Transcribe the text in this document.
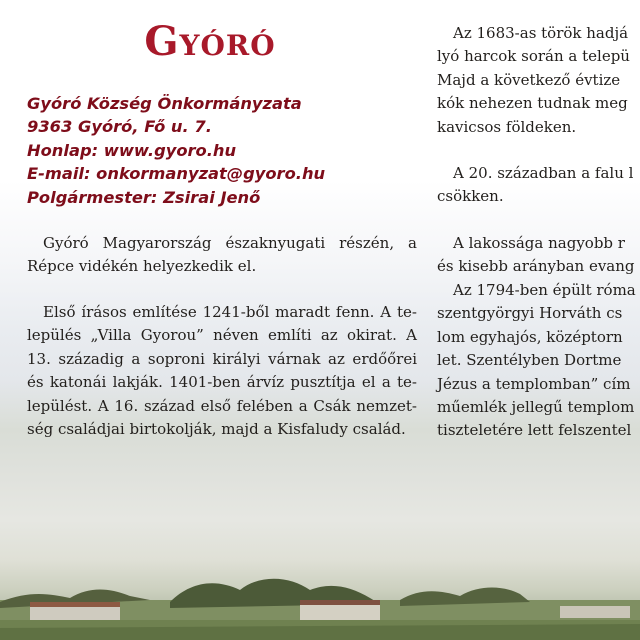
Gyóró
Gyóró Község Önkormányzata
9363 Gyóró, Fő u. 7.
Honlap: www.gyoro.hu
E-mail: onkormanyzat@gyoro.hu
Polgármester: Zsirai Jenő
Gyóró Magyarország északnyugati részén, a
Répce vidékén helyezkedik el.
Első írásos említése 1241-ből maradt fenn. A te-
lepülés „Villa Gyorou” néven említi az okirat. A
13. századig a soproni királyi várnak az erdőőrei
és katonái lakják. 1401-ben árvíz pusztítja el a te-
lepülést. A 16. század első felében a Csák nemzet-
ség családjai birtokolják, majd a Kisfaludy család.
Az 1683-as török hadjá
lyó harcok során a telepü
Majd a következő évtize
kók nehezen tudnak meg
kavicsos földeken.
A 20. században a falu l
csökken.
A lakossága nagyobb r
és kisebb arányban evang
Az 1794-ben épült róma
szentgyörgyi Horváth cs
lom egyhajós, középtorn
let. Szentélyben Dortme
Jézus a templomban” cím
műemlék jellegű templom
tiszteletére lett felszentel
